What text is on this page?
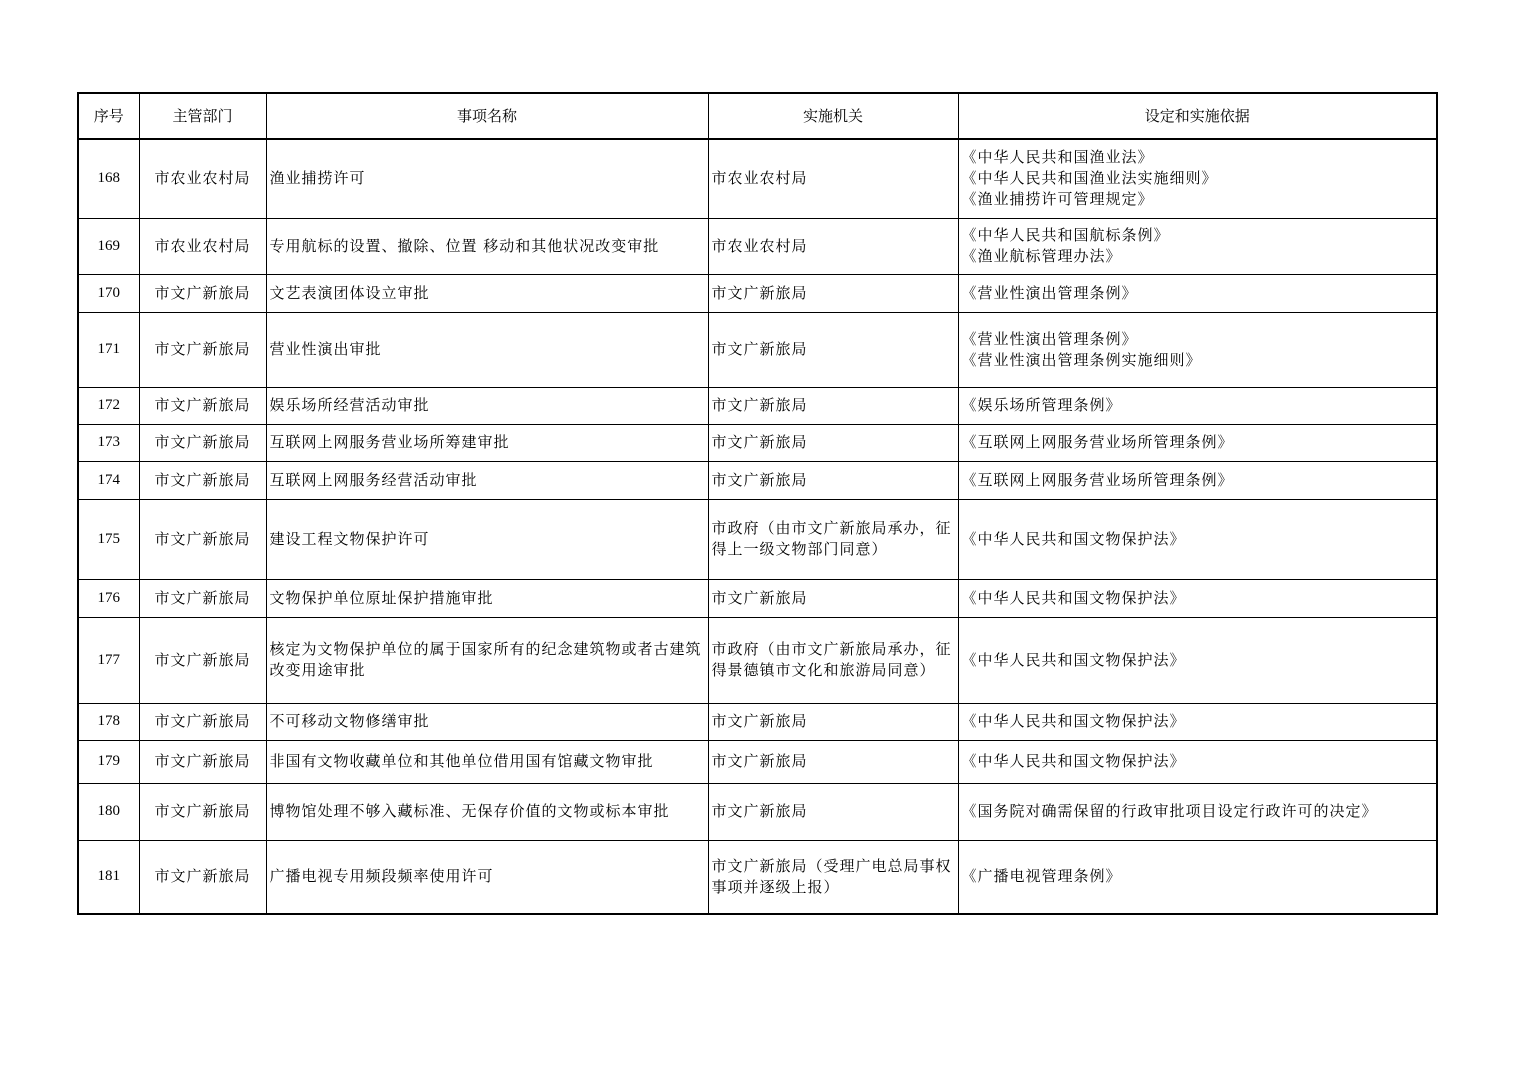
序号	主管部门	事项名称	实施机关	设定和实施依据
168	市农业农村局	渔业捕捞许可	市农业农村局	《中华人民共和国渔业法》
《中华人民共和国渔业法实施细则》
《渔业捕捞许可管理规定》

169	市农业农村局	专用航标的设置、撤除、位置 移动和其他状况改变审批	市农业农村局	《中华人民共和国航标条例》
《渔业航标管理办法》

170	市文广新旅局	文艺表演团体设立审批	市文广新旅局	《营业性演出管理条例》

171	市文广新旅局	营业性演出审批	市文广新旅局	《营业性演出管理条例》
《营业性演出管理条例实施细则》

172	市文广新旅局	娱乐场所经营活动审批	市文广新旅局	《娱乐场所管理条例》

173	市文广新旅局	互联网上网服务营业场所筹建审批	市文广新旅局	《互联网上网服务营业场所管理条例》

174	市文广新旅局	互联网上网服务经营活动审批	市文广新旅局	《互联网上网服务营业场所管理条例》

175	市文广新旅局	建设工程文物保护许可	市政府（由市文广新旅局承办，征得上一级文物部门同意）	《中华人民共和国文物保护法》

176	市文广新旅局	文物保护单位原址保护措施审批	市文广新旅局	《中华人民共和国文物保护法》

177	市文广新旅局	核定为文物保护单位的属于国家所有的纪念建筑物或者古建筑改变用途审批	市政府（由市文广新旅局承办，征得景德镇市文化和旅游局同意）	《中华人民共和国文物保护法》

178	市文广新旅局	不可移动文物修缮审批	市文广新旅局	《中华人民共和国文物保护法》

179	市文广新旅局	非国有文物收藏单位和其他单位借用国有馆藏文物审批	市文广新旅局	《中华人民共和国文物保护法》

180	市文广新旅局	博物馆处理不够入藏标准、无保存价值的文物或标本审批	市文广新旅局	《国务院对确需保留的行政审批项目设定行政许可的决定》

181	市文广新旅局	广播电视专用频段频率使用许可	市文广新旅局（受理广电总局事权事项并逐级上报）	《广播电视管理条例》
